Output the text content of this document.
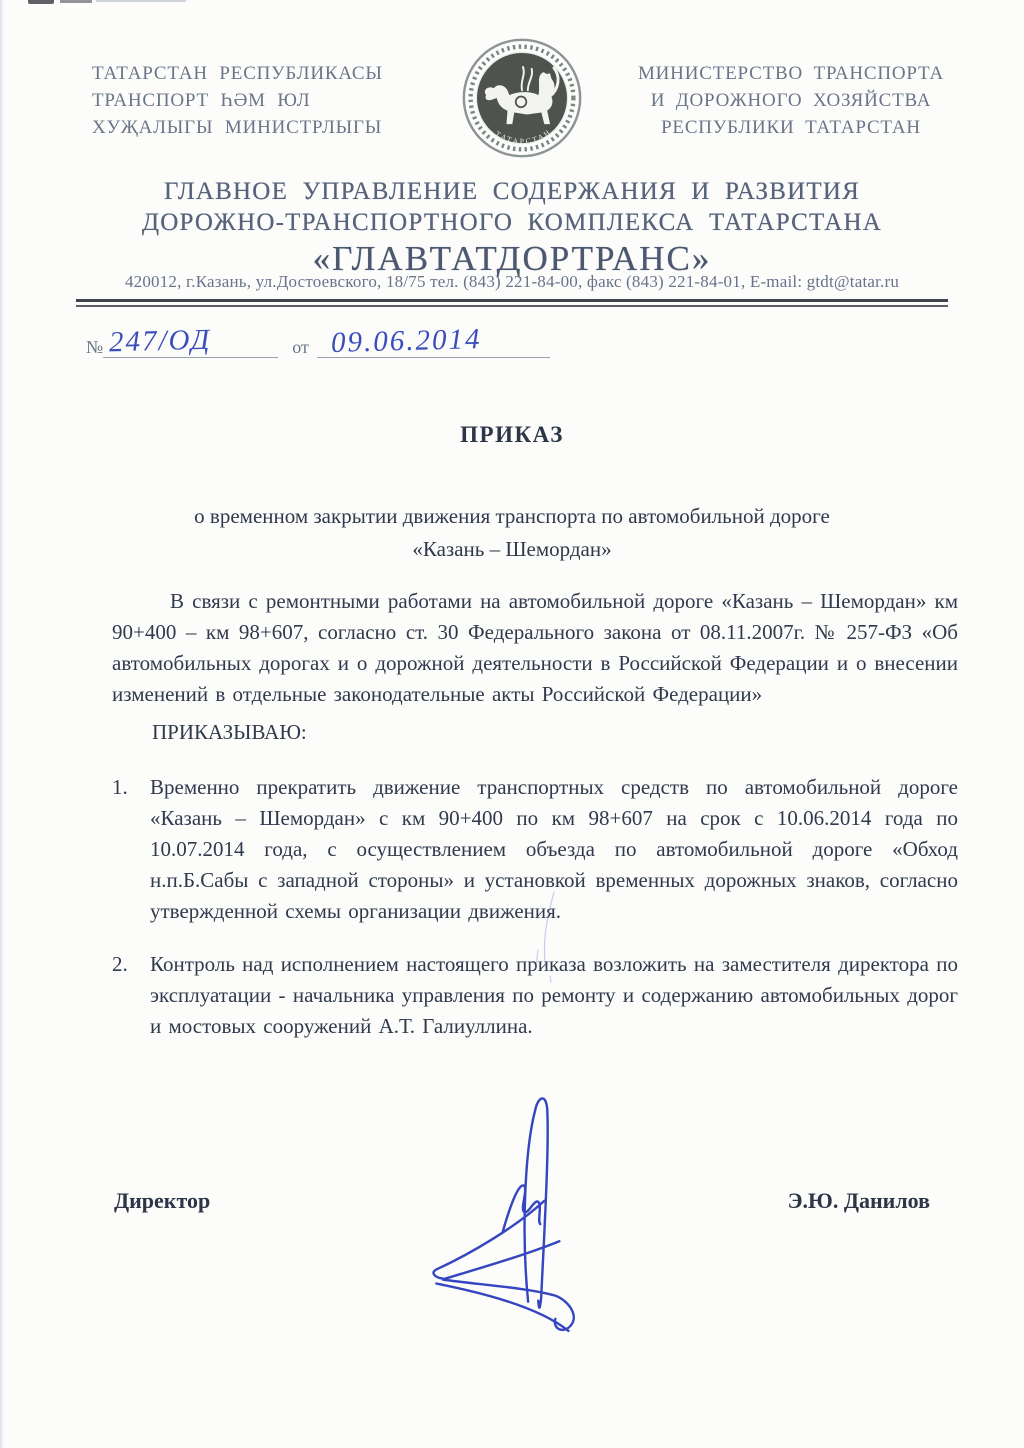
ТАТАРСТАН РЕСПУБЛИКАСЫ
ТРАНСПОРТ ҺӘМ ЮЛ
ХУҖАЛЫГЫ МИНИСТРЛЫГЫ	ТАТАРСТАН
МИНИСТЕРСТВО ТРАНСПОРТА
И ДОРОЖНОГО ХОЗЯЙСТВА
РЕСПУБЛИКИ ТАТАРСТАН
ГЛАВНОЕ УПРАВЛЕНИЕ СОДЕРЖАНИЯ И РАЗВИТИЯ
ДОРОЖНО-ТРАНСПОРТНОГО КОМПЛЕКСА ТАТАРСТАНА
«ГЛАВТАТДОРТРАНС»
420012, г.Казань, ул.Достоевского, 18/75 тел. (843) 221-84-00, факс (843) 221-84-01, E-mail: gtdt@tatar.ru
№ 247/ОД	от 09.06.2014
ПРИКАЗ
о временном закрытии движения транспорта по автомобильной дороге
«Казань – Шемордан»

В связи с ремонтными работами на автомобильной дороге «Казань – Шемордан» км 90+400 – км 98+607, согласно ст. 30 Федерального закона от 08.11.2007г. № 257-ФЗ «Об автомобильных дорогах и о дорожной деятельности в Российской Федерации и о внесении изменений в отдельные законодательные акты Российской Федерации»

ПРИКАЗЫВАЮ:
1.	Временно прекратить движение транспортных средств по автомобильной дороге «Казань – Шемордан» с км 90+400 по км 98+607 на срок с 10.06.2014 года по 10.07.2014 года, с осуществлением объезда по автомобильной дороге «Обход н.п.Б.Сабы с западной стороны» и установкой временных дорожных знаков, согласно утвержденной схемы организации движения.
2.	Контроль над исполнением настоящего приказа возложить на заместителя директора по эксплуатации - начальника управления по ремонту и содержанию автомобильных дорог и мостовых сооружений А.Т. Галиуллина.
Директор	Э.Ю. Данилов
